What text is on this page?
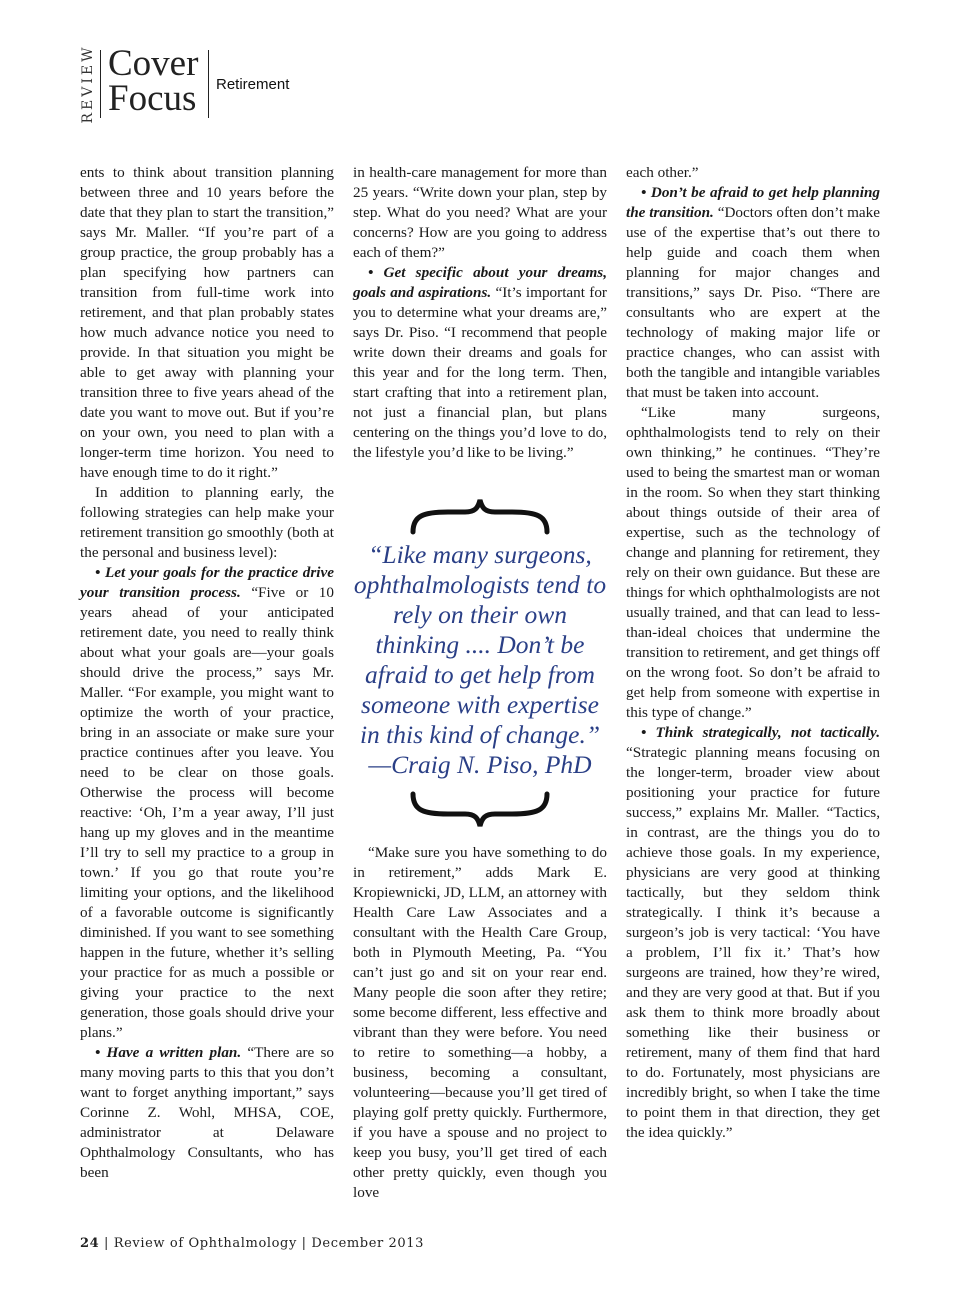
REVIEW Cover
Focus Retirement

ents to think about transition planning between three and 10 years before the date that they plan to start the transition,” says Mr. Maller. “If you’re part of a group practice, the group probably has a plan specifying how partners can transition from full-time work into retirement, and that plan probably states how much advance notice you need to provide. In that situation you might be able to get away with planning your transition three to five years ahead of the date you want to move out. But if you’re on your own, you need to plan with a longer-term time horizon. You need to have enough time to do it right.”

In addition to planning early, the following strategies can help make your retirement transition go smoothly (both at the personal and business level):

• Let your goals for the practice drive your transition process. “Five or 10 years ahead of your anticipated retirement date, you need to really think about what your goals are—your goals should drive the process,” says Mr. Maller. “For example, you might want to optimize the worth of your practice, bring in an associate or make sure your practice continues after you leave. You need to be clear on those goals. Otherwise the process will become reactive: ‘Oh, I’m a year away, I’ll just hang up my gloves and in the meantime I’ll try to sell my practice to a group in town.’ If you go that route you’re limiting your options, and the likelihood of a favorable outcome is significantly diminished. If you want to see something happen in the future, whether it’s selling your practice for as much a possible or giving your practice to the next generation, those goals should drive your plans.”

• Have a written plan. “There are so many moving parts to this that you don’t want to forget anything important,” says Corinne Z. Wohl, MHSA, COE, administrator at Delaware Ophthalmology Consultants, who has been

in health-care management for more than 25 years. “Write down your plan, step by step. What do you need? What are your concerns? How are you going to address each of them?”

• Get specific about your dreams, goals and aspirations. “It’s important for you to determine what your dreams are,” says Dr. Piso. “I recommend that people write down their dreams and goals for this year and for the long term. Then, start crafting that into a retirement plan, not just a financial plan, but plans centering on the things you’d love to do, the lifestyle you’d like to be living.”

“Like many surgeons, ophthalmologists tend to rely on their own thinking .... Don’t be afraid to get help from someone with expertise in this kind of change.”
—Craig N. Piso, PhD

“Make sure you have something to do in retirement,” adds Mark E. Kropiewnicki, JD, LLM, an attorney with Health Care Law Associates and a consultant with the Health Care Group, both in Plymouth Meeting, Pa. “You can’t just go and sit on your rear end. Many people die soon after they retire; some become different, less effective and vibrant than they were before. You need to retire to something—a hobby, a business, becoming a consultant, volunteering—because you’ll get tired of playing golf pretty quickly. Furthermore, if you have a spouse and no project to keep you busy, you’ll get tired of each other pretty quickly, even though you love

each other.”

• Don’t be afraid to get help planning the transition. “Doctors often don’t make use of the expertise that’s out there to help guide and coach them when planning for major changes and transitions,” says Dr. Piso. “There are consultants who are expert at the technology of making major life or practice changes, who can assist with both the tangible and intangible variables that must be taken into account.

“Like many surgeons, ophthalmologists tend to rely on their own thinking,” he continues. “They’re used to being the smartest man or woman in the room. So when they start thinking about things outside of their area of expertise, such as the technology of change and planning for retirement, they rely on their own guidance. But these are things for which ophthalmologists are not usually trained, and that can lead to less-than-ideal choices that undermine the transition to retirement, and get things off on the wrong foot. So don’t be afraid to get help from someone with expertise in this type of change.”

• Think strategically, not tactically. “Strategic planning means focusing on the longer-term, broader view about positioning your practice for future success,” explains Mr. Maller. “Tactics, in contrast, are the things you do to achieve those goals. In my experience, physicians are very good at thinking tactically, but they seldom think strategically. I think it’s because a surgeon’s job is very tactical: ‘You have a problem, I’ll fix it.’ That’s how surgeons are trained, how they’re wired, and they are very good at that. But if you ask them to think more broadly about something like their business or retirement, many of them find that hard to do. Fortunately, most physicians are incredibly bright, so when I take the time to point them in that direction, they get the idea quickly.”

24 | Review of Ophthalmology | December 2013
